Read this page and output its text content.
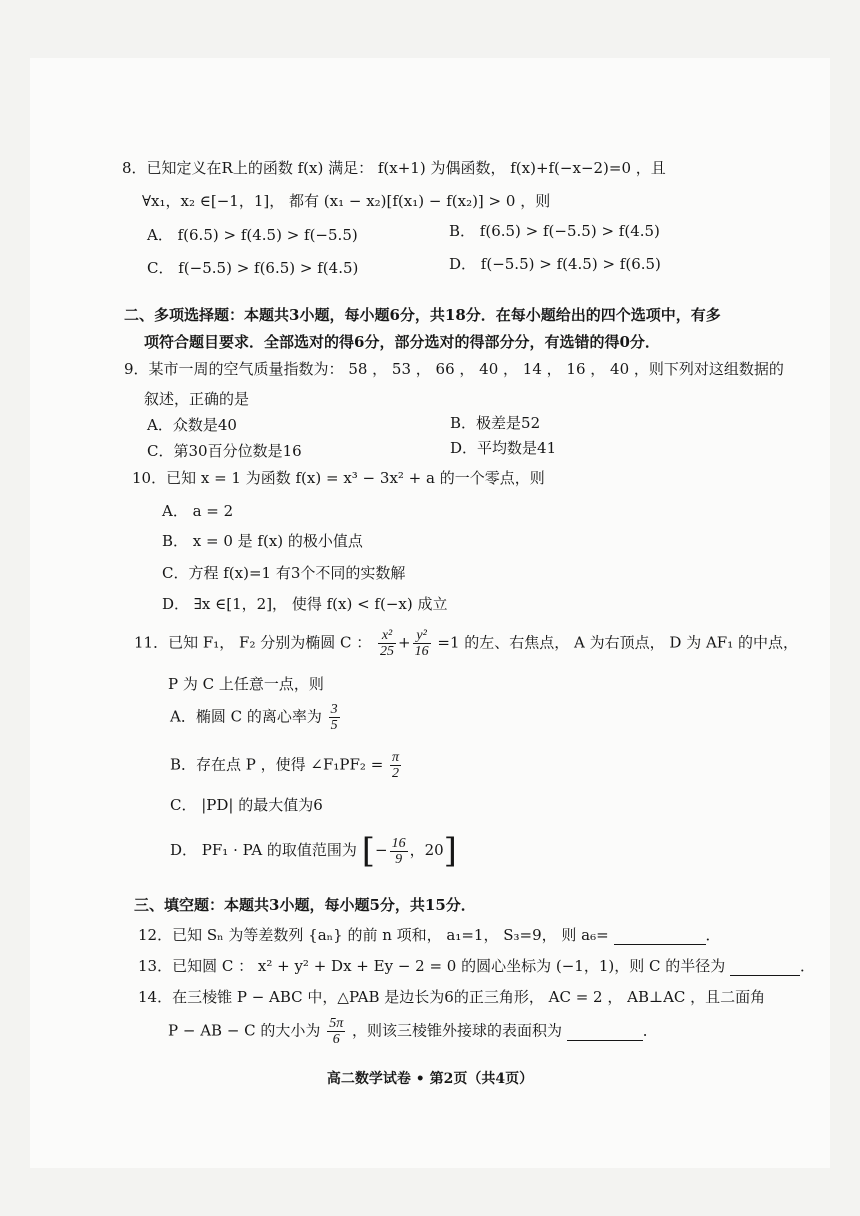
8．已知定义在R上的函数 f(x) 满足： f(x+1) 为偶函数， f(x)+f(−x−2)=0 ，且
∀x₁，x₂ ∈[−1，1]， 都有 (x₁ − x₂)[f(x₁) − f(x₂)] > 0 ，则
A． f(6.5) > f(4.5) > f(−5.5)	B． f(6.5) > f(−5.5) > f(4.5)
C． f(−5.5) > f(6.5) > f(4.5)	D． f(−5.5) > f(4.5) > f(6.5)
二、多项选择题：本题共3小题，每小题6分，共18分．在每小题给出的四个选项中，有多
项符合题目要求．全部选对的得6分，部分选对的得部分分，有选错的得0分．
9．某市一周的空气质量指数为： 58 ， 53 ， 66 ， 40 ， 14 ， 16 ， 40 ，则下列对这组数据的
叙述，正确的是
A．众数是40	B．极差是52
C．第30百分位数是16	D．平均数是41
10．已知 x = 1 为函数 f(x) = x³ − 3x² + a 的一个零点，则
A． a = 2
B． x = 0 是 f(x) 的极小值点
C．方程 f(x)=1 有3个不同的实数解
D． ∃x ∈[1，2]， 使得 f(x) < f(−x) 成立
11．已知 F₁， F₂ 分别为椭圆 C ： $\frac{\text{x²}}{25} + \frac{\text{y²}}{16} =1$ 的左、右焦点， A 为右顶点， D 为 AF₁ 的中点，
P 为 C 上任意一点，则
A．椭圆 C 的离心率为 $\frac{3}{5}$
B．存在点 P ，使得 ∠F₁PF₂ = $\frac{\pi}{2}$
C． |PD| 的最大值为6
D． PF₁ · PA 的取值范围为 [− $\frac{16}{9}$ ，20]
三、填空题：本题共3小题，每小题5分，共15分．
12．已知 Sₙ 为等差数列 {aₙ} 的前 n 项和， a₁=1， S₃=9， 则 a₆=	．
13．已知圆 C ： x² + y² + Dx + Ey − 2 = 0 的圆心坐标为 (−1，1)，则 C 的半径为	．
14．在三棱锥 P − ABC 中，△PAB 是边长为6的正三角形， AC = 2 ， AB⊥AC ，且二面角
P − AB − C 的大小为 $\frac{5\pi}{6}$ ，则该三棱锥外接球的表面积为	．
高二数学试卷 • 第2页（共4页）
